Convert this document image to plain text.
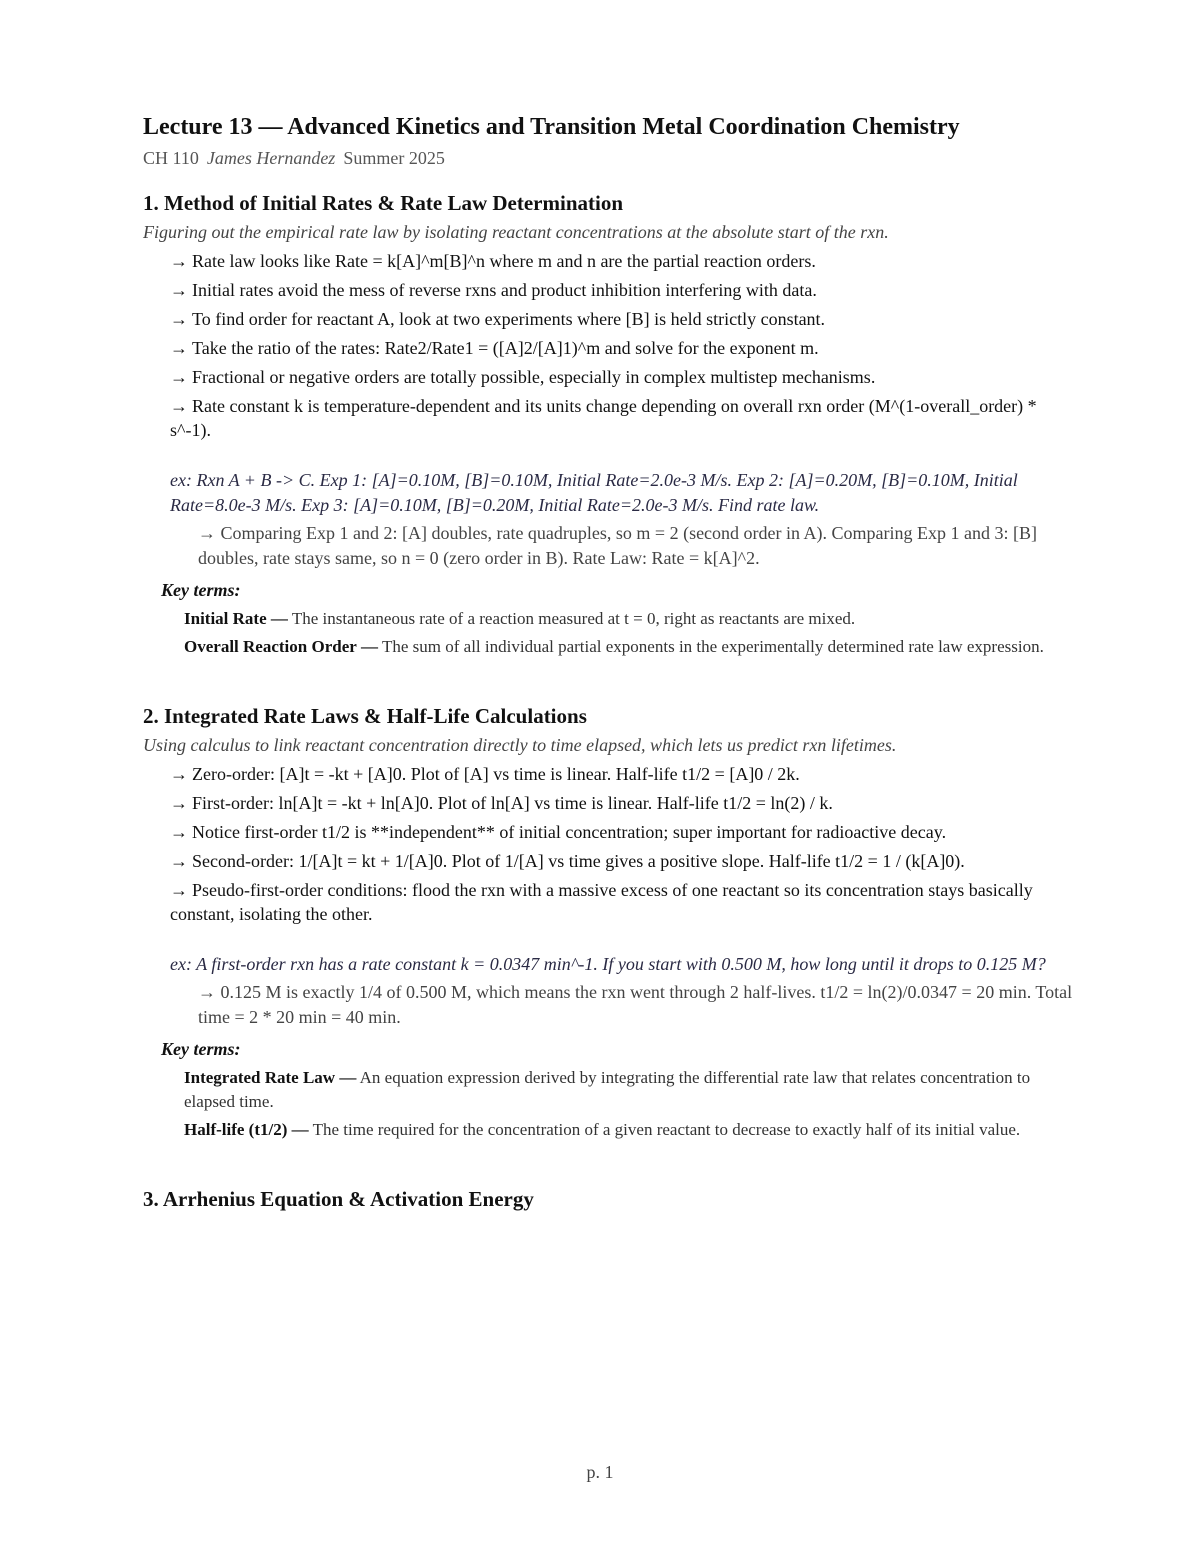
Lecture 13 — Advanced Kinetics and Transition Metal Coordination Chemistry
CH 110 James Hernandez Summer 2025
1. Method of Initial Rates & Rate Law Determination
Figuring out the empirical rate law by isolating reactant concentrations at the absolute start of the rxn.
→ Rate law looks like Rate = k[A]^m[B]^n where m and n are the partial reaction orders.
→ Initial rates avoid the mess of reverse rxns and product inhibition interfering with data.
→ To find order for reactant A, look at two experiments where [B] is held strictly constant.
→ Take the ratio of the rates: Rate2/Rate1 = ([A]2/[A]1)^m and solve for the exponent m.
→ Fractional or negative orders are totally possible, especially in complex multistep mechanisms.
→ Rate constant k is temperature-dependent and its units change depending on overall rxn order (M^(1-overall_order) * s^-1).
ex: Rxn A + B -> C. Exp 1: [A]=0.10M, [B]=0.10M, Initial Rate=2.0e-3 M/s. Exp 2: [A]=0.20M, [B]=0.10M, Initial Rate=8.0e-3 M/s. Exp 3: [A]=0.10M, [B]=0.20M, Initial Rate=2.0e-3 M/s. Find rate law.
→ Comparing Exp 1 and 2: [A] doubles, rate quadruples, so m = 2 (second order in A). Comparing Exp 1 and 3: [B] doubles, rate stays same, so n = 0 (zero order in B). Rate Law: Rate = k[A]^2.
Key terms:
Initial Rate — The instantaneous rate of a reaction measured at t = 0, right as reactants are mixed.
Overall Reaction Order — The sum of all individual partial exponents in the experimentally determined rate law expression.
2. Integrated Rate Laws & Half-Life Calculations
Using calculus to link reactant concentration directly to time elapsed, which lets us predict rxn lifetimes.
→ Zero-order: [A]t = -kt + [A]0. Plot of [A] vs time is linear. Half-life t1/2 = [A]0 / 2k.
→ First-order: ln[A]t = -kt + ln[A]0. Plot of ln[A] vs time is linear. Half-life t1/2 = ln(2) / k.
→ Notice first-order t1/2 is **independent** of initial concentration; super important for radioactive decay.
→ Second-order: 1/[A]t = kt + 1/[A]0. Plot of 1/[A] vs time gives a positive slope. Half-life t1/2 = 1 / (k[A]0).
→ Pseudo-first-order conditions: flood the rxn with a massive excess of one reactant so its concentration stays basically constant, isolating the other.
ex: A first-order rxn has a rate constant k = 0.0347 min^-1. If you start with 0.500 M, how long until it drops to 0.125 M?
→ 0.125 M is exactly 1/4 of 0.500 M, which means the rxn went through 2 half-lives. t1/2 = ln(2)/0.0347 = 20 min. Total time = 2 * 20 min = 40 min.
Key terms:
Integrated Rate Law — An equation expression derived by integrating the differential rate law that relates concentration to elapsed time.
Half-life (t1/2) — The time required for the concentration of a given reactant to decrease to exactly half of its initial value.
3. Arrhenius Equation & Activation Energy
p. 1
